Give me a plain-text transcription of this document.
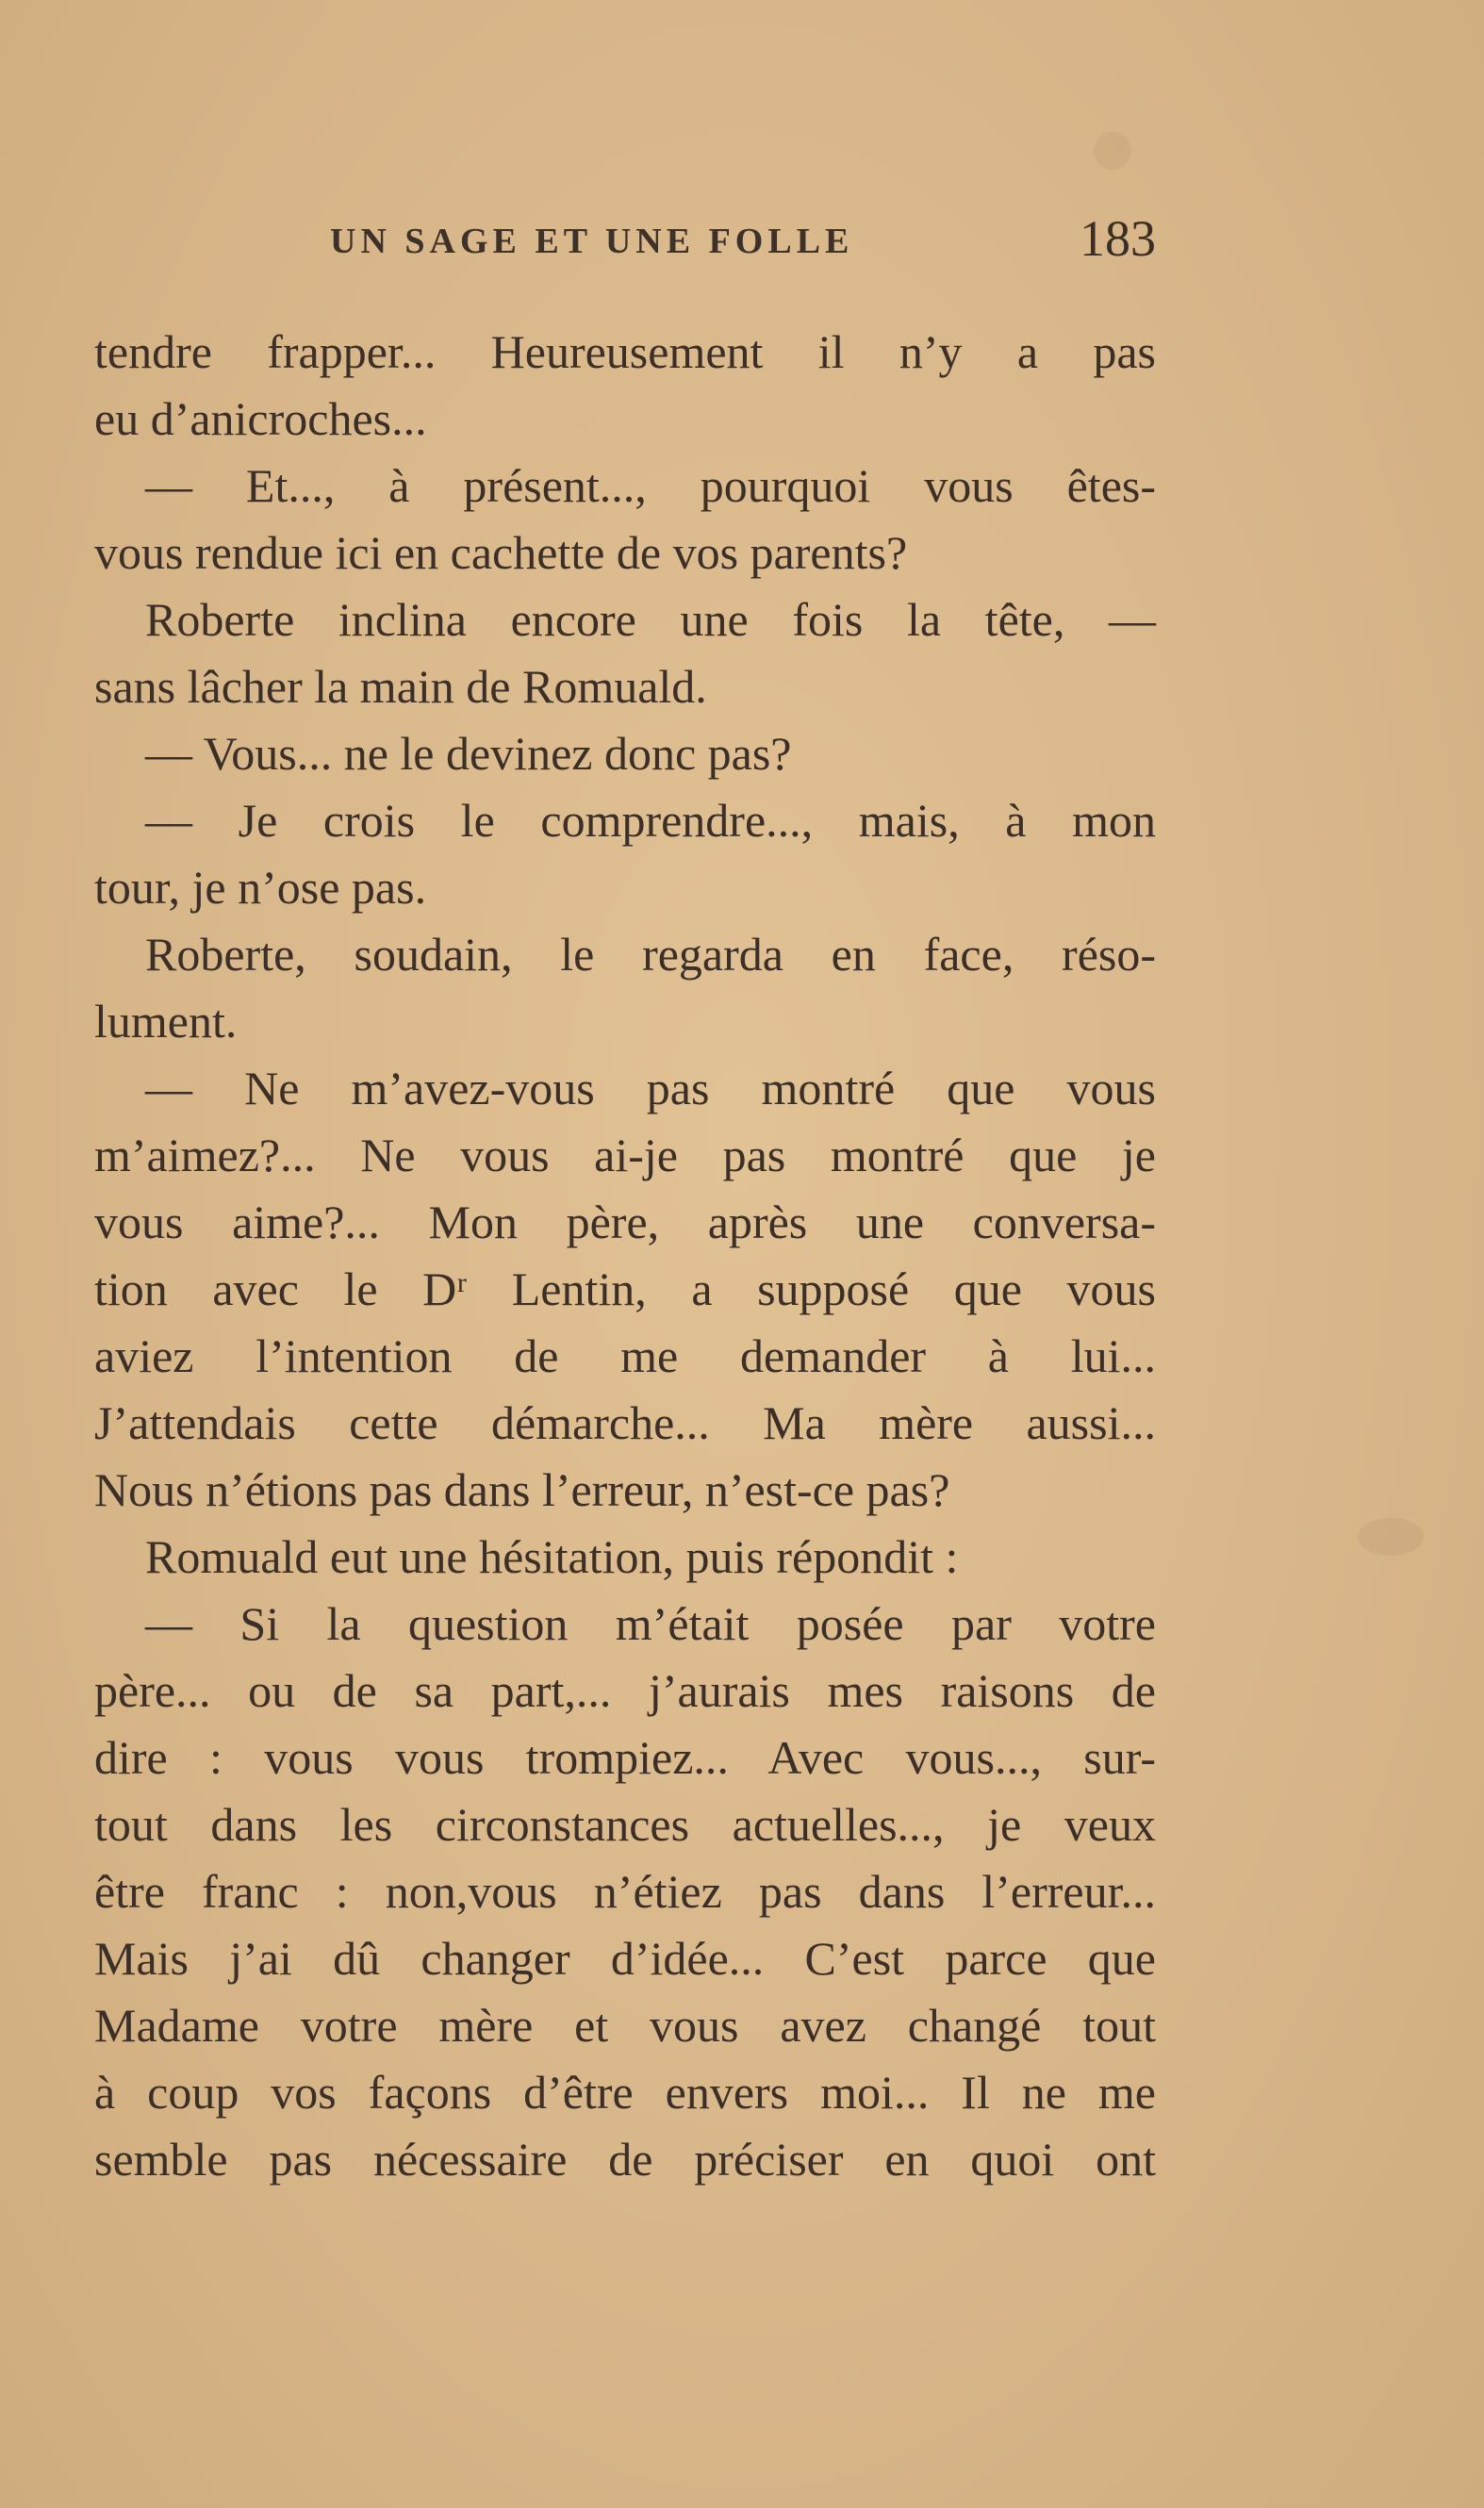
UN SAGE ET UNE FOLLE	183
tendre frapper... Heureusement il n’y a pas
eu d’anicroches...
— Et..., à présent..., pourquoi vous êtes-
vous rendue ici en cachette de vos parents?
Roberte inclina encore une fois la tête, —
sans lâcher la main de Romuald.
— Vous... ne le devinez donc pas?
— Je crois le comprendre..., mais, à mon
tour, je n’ose pas.
Roberte, soudain, le regarda en face, réso-
lument.
— Ne m’avez-vous pas montré que vous
m’aimez?... Ne vous ai-je pas montré que je
vous aime?... Mon père, après une conversa-
tion avec le Dʳ Lentin, a supposé que vous
aviez l’intention de me demander à lui...
J’attendais cette démarche... Ma mère aussi...
Nous n’étions pas dans l’erreur, n’est-ce pas?
Romuald eut une hésitation, puis répondit :
— Si la question m’était posée par votre
père... ou de sa part,... j’aurais mes raisons de
dire : vous vous trompiez... Avec vous..., sur-
tout dans les circonstances actuelles..., je veux
être franc : non,vous n’étiez pas dans l’erreur...
Mais j’ai dû changer d’idée... C’est parce que
Madame votre mère et vous avez changé tout
à coup vos façons d’être envers moi... Il ne me
semble pas nécessaire de préciser en quoi ont
